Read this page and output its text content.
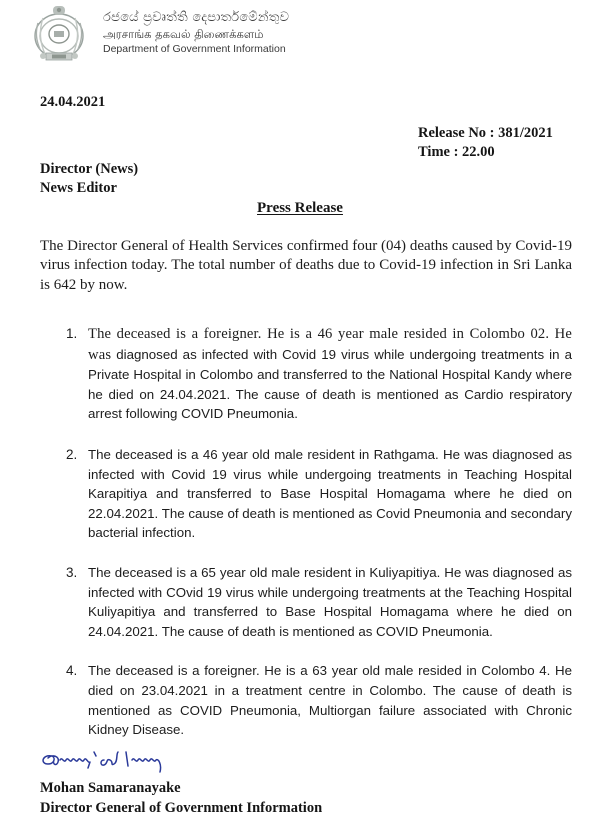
රජයේ ප්‍රවෘත්ති දෙපාර්තමේන්තුව
அரசாங்க தகவல் திணைக்களம்
Department of Government Information
24.04.2021
Release No : 381/2021
Time : 22.00
Director (News)
News Editor
Press Release
The Director General of Health Services confirmed four (04) deaths caused by Covid-19 virus infection today. The total number of deaths due to Covid-19 infection in Sri Lanka is 642 by now.
1. The deceased is a foreigner. He is a 46 year male resided in Colombo 02. He was diagnosed as infected with Covid 19 virus while undergoing treatments in a Private Hospital in Colombo and transferred to the National Hospital Kandy where he died on 24.04.2021. The cause of death is mentioned as Cardio respiratory arrest following COVID Pneumonia.
2. The deceased is a 46 year old male resident in Rathgama. He was diagnosed as infected with Covid 19 virus while undergoing treatments in Teaching Hospital Karapitiya and transferred to Base Hospital Homagama where he died on 22.04.2021. The cause of death is mentioned as Covid Pneumonia and secondary bacterial infection.
3. The deceased is a 65 year old male resident in Kuliyapitiya. He was diagnosed as infected with COvid 19 virus while undergoing treatments at the Teaching Hospital Kuliyapitiya and transferred to Base Hospital Homagama where he died on 24.04.2021. The cause of death is mentioned as COVID Pneumonia.
4. The deceased is a foreigner. He is a 63 year old male resided in Colombo 4. He died on 23.04.2021 in a treatment centre in Colombo. The cause of death is mentioned as COVID Pneumonia, Multiorgan failure associated with Chronic Kidney Disease.
Mohan Samaranayake
Director General of Government Information
